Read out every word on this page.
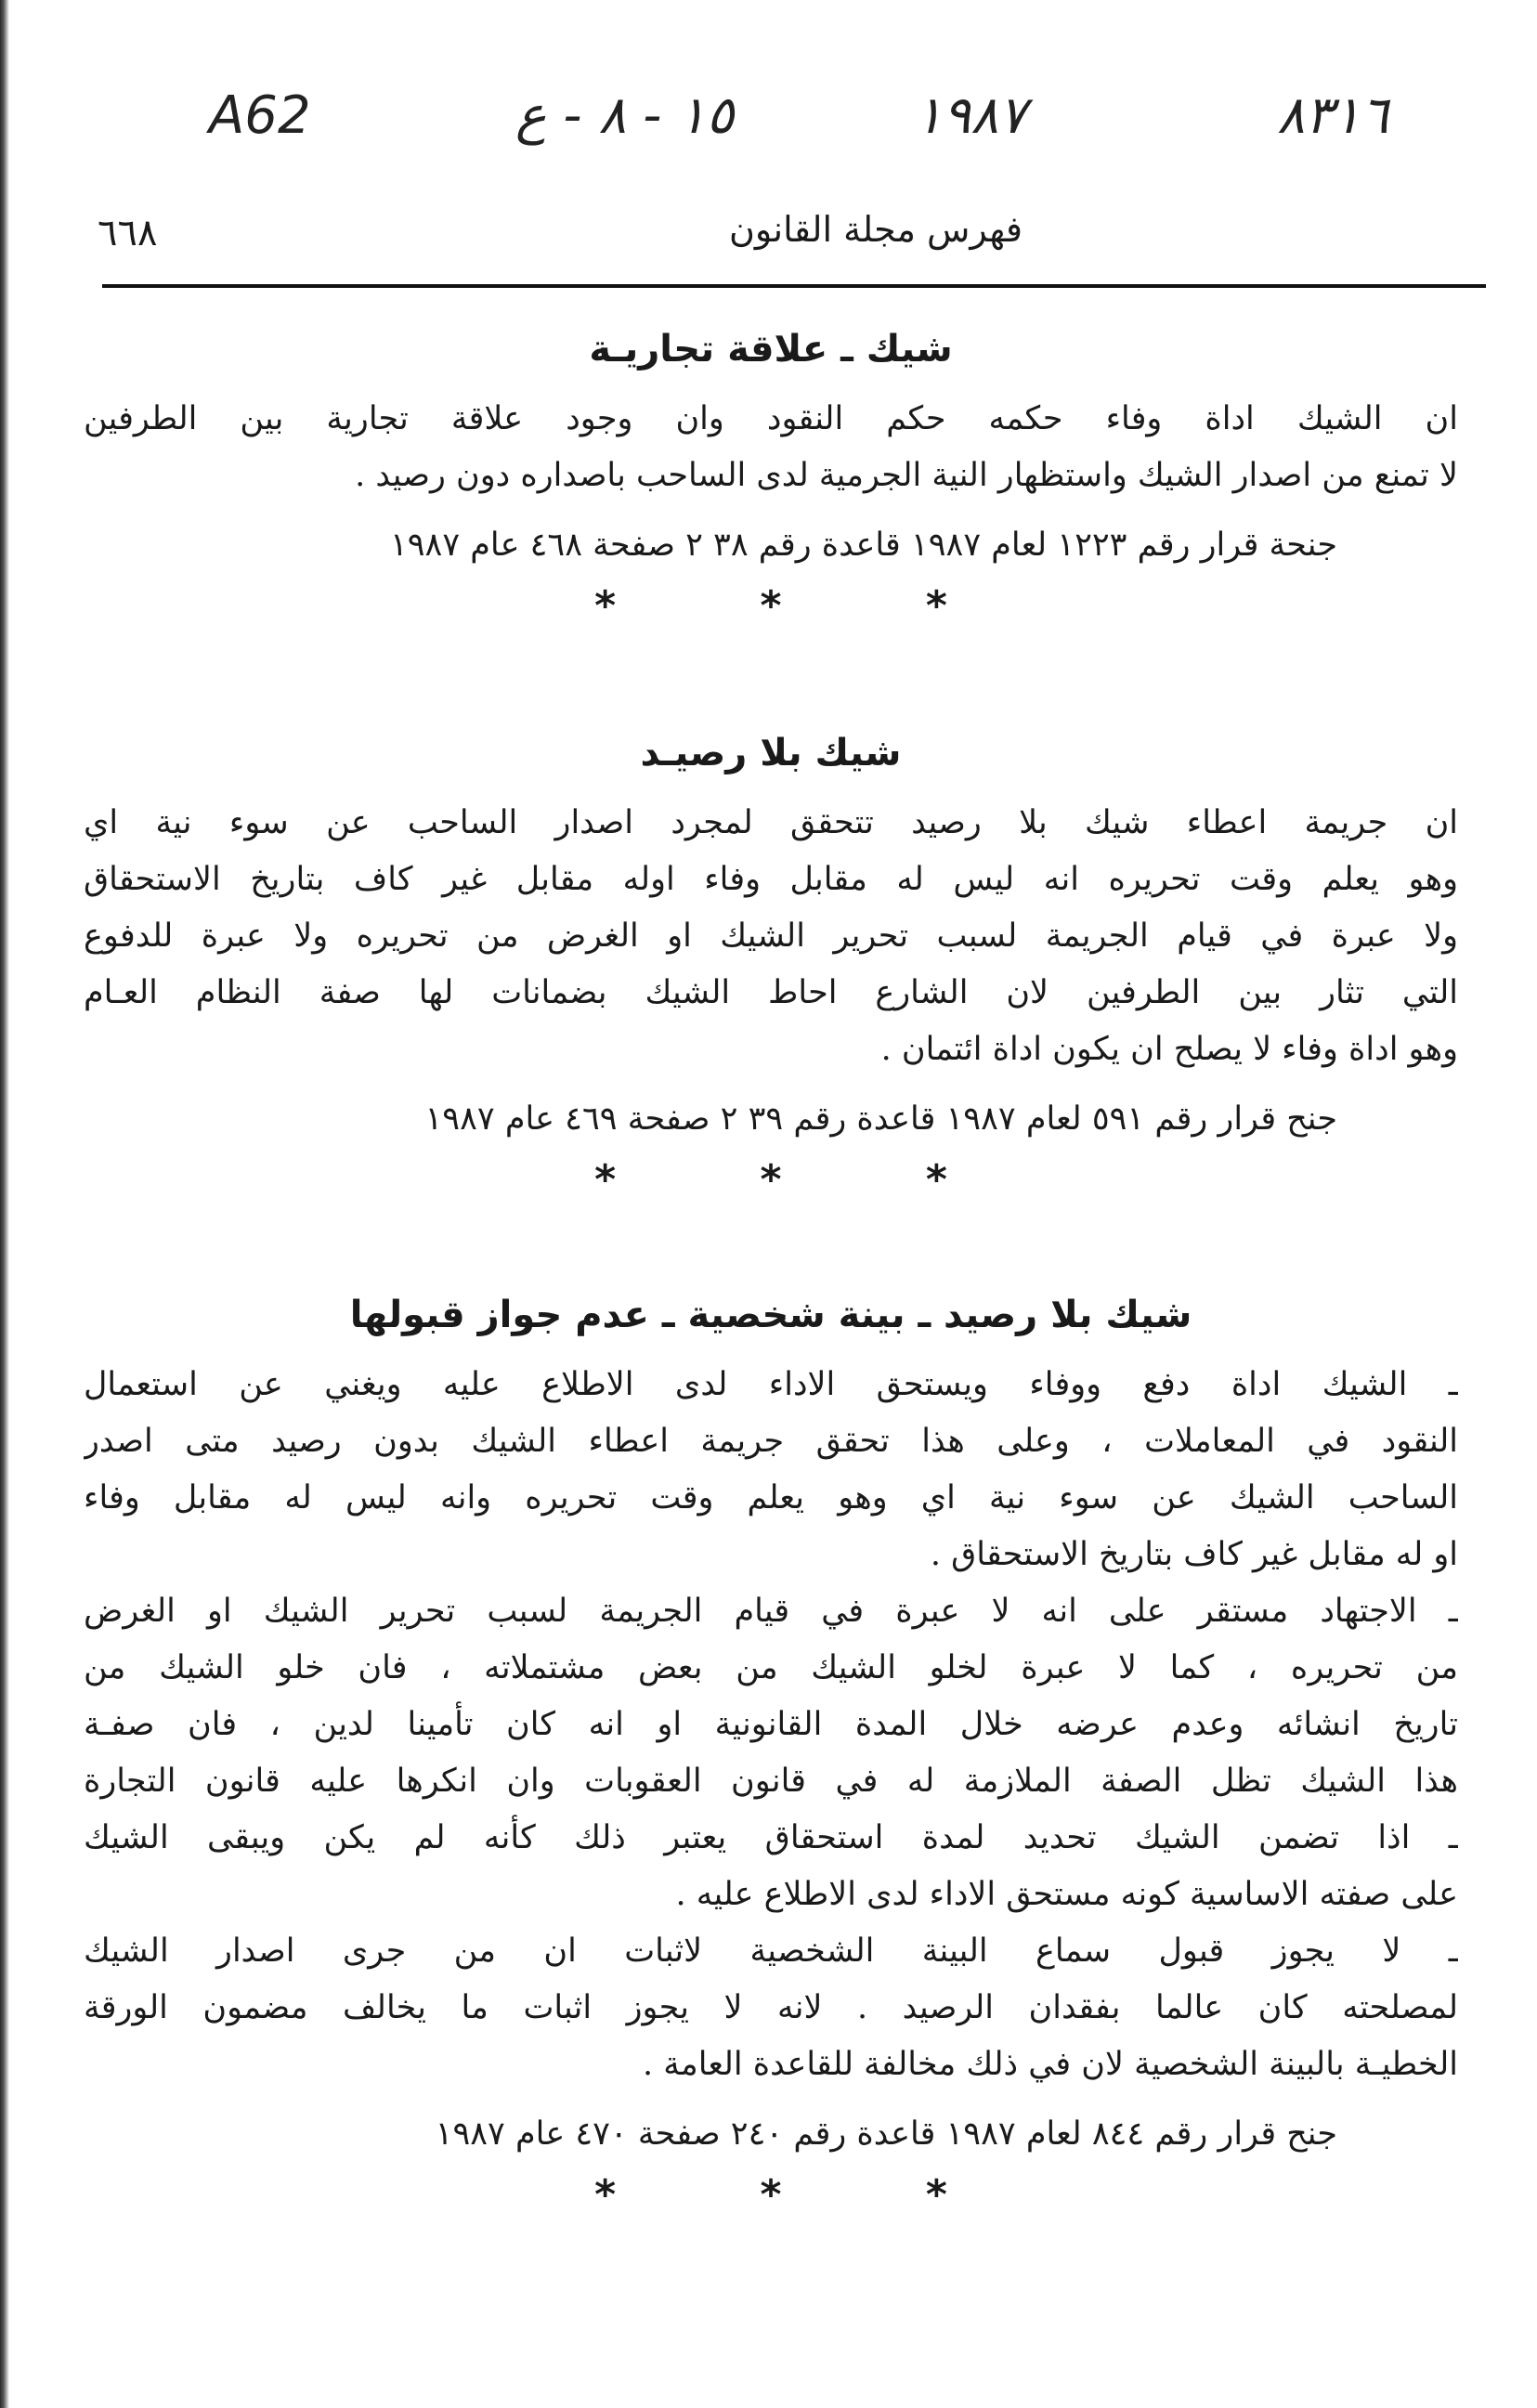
A62	١٥ - ٨ - ع	١٩٨٧	٨٣١٦
٦٦٨	فهرس مجلة القانون
شيك ـ علاقة تجاريـة
ان الشيك اداة وفاء حكمه حكم النقود وان وجود علاقة تجارية بين الطرفين
لا تمنع من اصدار الشيك واستظهار النية الجرمية لدى الساحب باصداره دون رصيد .
جنحة قرار رقم ١٢٢٣ لعام ١٩٨٧ قاعدة رقم ٣٨ ٢ صفحة ٤٦٨ عام ١٩٨٧
* * *
شيك بلا رصيـد
ان جريمة اعطاء شيك بلا رصيد تتحقق لمجرد اصدار الساحب عن سوء نية اي
وهو يعلم وقت تحريره انه ليس له مقابل وفاء اوله مقابل غير كاف بتاريخ الاستحقاق
ولا عبرة في قيام الجريمة لسبب تحرير الشيك او الغرض من تحريره ولا عبرة للدفوع
التي تثار بين الطرفين لان الشارع احاط الشيك بضمانات لها صفة النظام العـام
وهو اداة وفاء لا يصلح ان يكون اداة ائتمان .
جنح قرار رقم ٥٩١ لعام ١٩٨٧ قاعدة رقم ٣٩ ٢ صفحة ٤٦٩ عام ١٩٨٧
* * *
شيك بلا رصيد ـ بينة شخصية ـ عدم جواز قبولها
ـ الشيك اداة دفع ووفاء ويستحق الاداء لدى الاطلاع عليه ويغني عن استعمال
النقود في المعاملات ، وعلى هذا تحقق جريمة اعطاء الشيك بدون رصيد متى اصدر
الساحب الشيك عن سوء نية اي وهو يعلم وقت تحريره وانه ليس له مقابل وفاء
او له مقابل غير كاف بتاريخ الاستحقاق .
ـ الاجتهاد مستقر على انه لا عبرة في قيام الجريمة لسبب تحرير الشيك او الغرض
من تحريره ، كما لا عبرة لخلو الشيك من بعض مشتملاته ، فان خلو الشيك من
تاريخ انشائه وعدم عرضه خلال المدة القانونية او انه كان تأمينا لدين ، فان صفـة
هذا الشيك تظل الصفة الملازمة له في قانون العقوبات وان انكرها عليه قانون التجارة
ـ اذا تضمن الشيك تحديد لمدة استحقاق يعتبر ذلك كأنه لم يكن ويبقى الشيك
على صفته الاساسية كونه مستحق الاداء لدى الاطلاع عليه .
ـ لا يجوز قبول سماع البينة الشخصية لاثبات ان من جرى اصدار الشيك
لمصلحته كان عالما بفقدان الرصيد . لانه لا يجوز اثبات ما يخالف مضمون الورقة
الخطيـة بالبينة الشخصية لان في ذلك مخالفة للقاعدة العامة .
جنح قرار رقم ٨٤٤ لعام ١٩٨٧ قاعدة رقم ٢٤٠ صفحة ٤٧٠ عام ١٩٨٧
* * *
